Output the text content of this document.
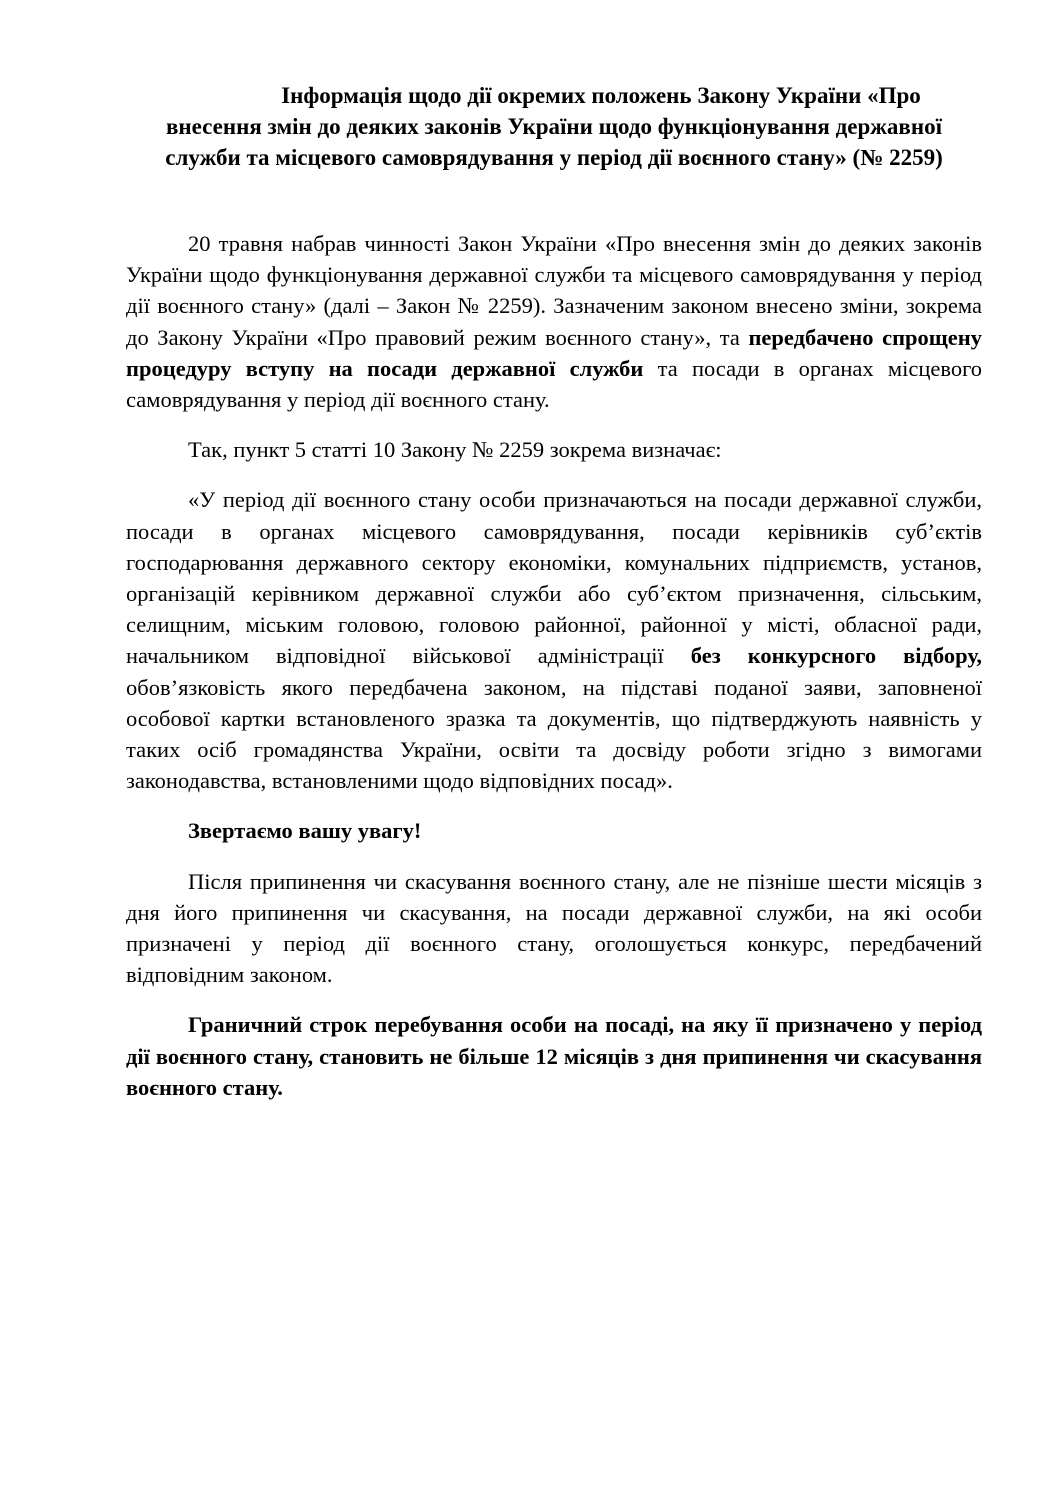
Інформація щодо дії окремих положень Закону України «Про
внесення змін до деяких законів України щодо функціонування державної
служби та місцевого самоврядування у період дії воєнного стану» (№ 2259)

20 травня набрав чинності Закон України «Про внесення змін до деяких законів України щодо функціонування державної служби та місцевого самоврядування у період дії воєнного стану» (далі – Закон № 2259). Зазначеним законом внесено зміни, зокрема до Закону України «Про правовий режим воєнного стану», та передбачено спрощену процедуру вступу на посади державної служби та посади в органах місцевого самоврядування у період дії воєнного стану.

Так, пункт 5 статті 10 Закону № 2259 зокрема визначає:

«У період дії воєнного стану особи призначаються на посади державної служби, посади в органах місцевого самоврядування, посади керівників суб’єктів господарювання державного сектору економіки, комунальних підприємств, установ, організацій керівником державної служби або суб’єктом призначення, сільським, селищним, міським головою, головою районної, районної у місті, обласної ради, начальником відповідної військової адміністрації без конкурсного відбору, обов’язковість якого передбачена законом, на підставі поданої заяви, заповненої особової картки встановленого зразка та документів, що підтверджують наявність у таких осіб громадянства України, освіти та досвіду роботи згідно з вимогами законодавства, встановленими щодо відповідних посад».

Звертаємо вашу увагу!

Після припинення чи скасування воєнного стану, але не пізніше шести місяців з дня його припинення чи скасування, на посади державної служби, на які особи призначені у період дії воєнного стану, оголошується конкурс, передбачений відповідним законом.

Граничний строк перебування особи на посаді, на яку її призначено у період дії воєнного стану, становить не більше 12 місяців з дня припинення чи скасування воєнного стану.
